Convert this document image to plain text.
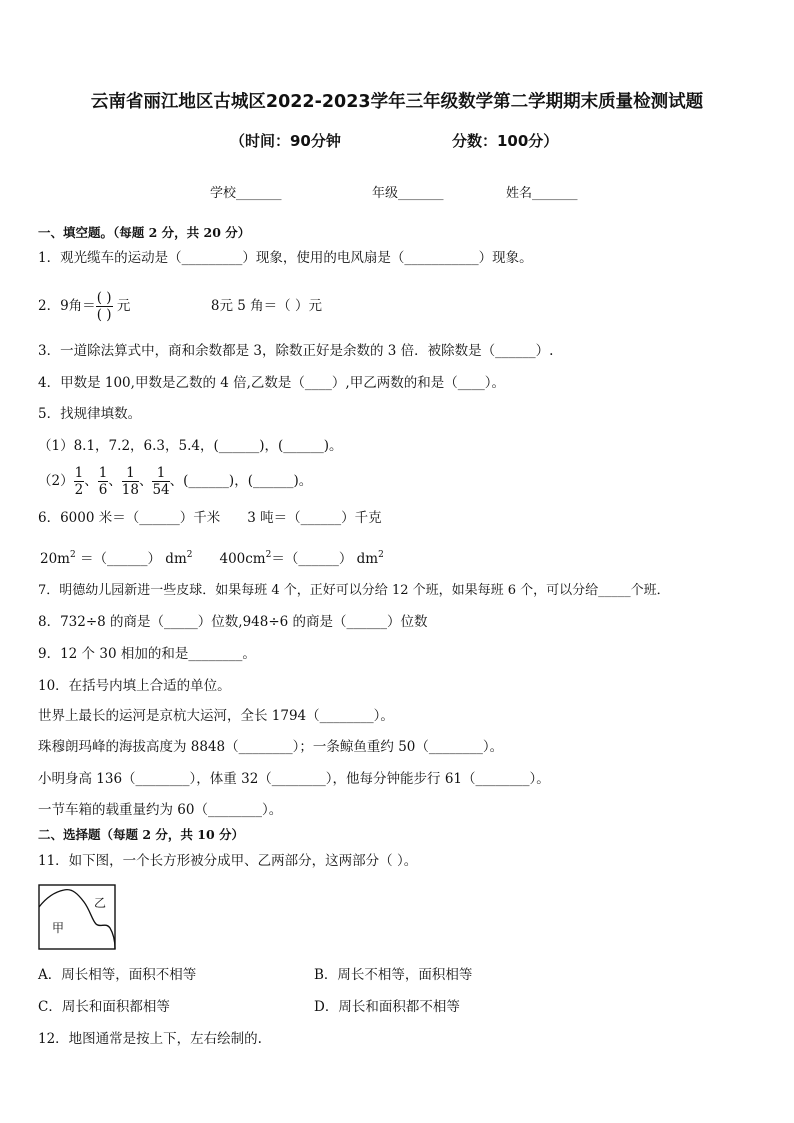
云南省丽江地区古城区2022-2023学年三年级数学第二学期期末质量检测试题
（时间：90分钟	分数：100分）
学校_______	年级_______	姓名_______
一、填空题。（每题 2 分，共 20 分）
1．观光缆车的运动是（_________）现象，使用的电风扇是（___________）现象。
2．9角＝ $\frac{( )}{( )}$ 元	8元 5 角＝（ ）元
3．一道除法算式中，商和余数都是 3，除数正好是余数的 3 倍．被除数是（______）.
4．甲数是 100,甲数是乙数的 4 倍,乙数是（____）,甲乙两数的和是（____）。
5．找规律填数。
（1）8.1，7.2，6.3，5.4，(______)，(______)。
$(2) \frac{1}{2}$ 、 $\frac{1}{6}$ 、 $\frac{1}{18}$ 、 $\frac{1}{54}$ 、(______)，(______)。
6．6000 米＝（______）千米　　3 吨＝（______）千克
$20m^2$ ＝（______） $dm^2$　　$400cm^2=(\_\_\_\_\_\_)$ $dm^2$
7．明德幼儿园新进一些皮球．如果每班 4 个，正好可以分给 12 个班，如果每班 6 个，可以分给_____个班．
8．732÷8 的商是（_____）位数,948÷6 的商是（______）位数
9．12 个 30 相加的和是________。
10．在括号内填上合适的单位。
世界上最长的运河是京杭大运河，全长 1794（________）。
珠穆朗玛峰的海拔高度为 8848（________）；一条鲸鱼重约 50（________）。
小明身高 136（________），体重 32（________），他每分钟能步行 61（________）。
一节车箱的载重量约为 60（________）。
二、选择题（每题 2 分，共 10 分）
11．如下图，一个长方形被分成甲、乙两部分，这两部分（ ）。
甲
乙
A．周长相等，面积不相等	B．周长不相等，面积相等
C．周长和面积都相等	D．周长和面积都不相等
12．地图通常是按上下，左右绘制的.
